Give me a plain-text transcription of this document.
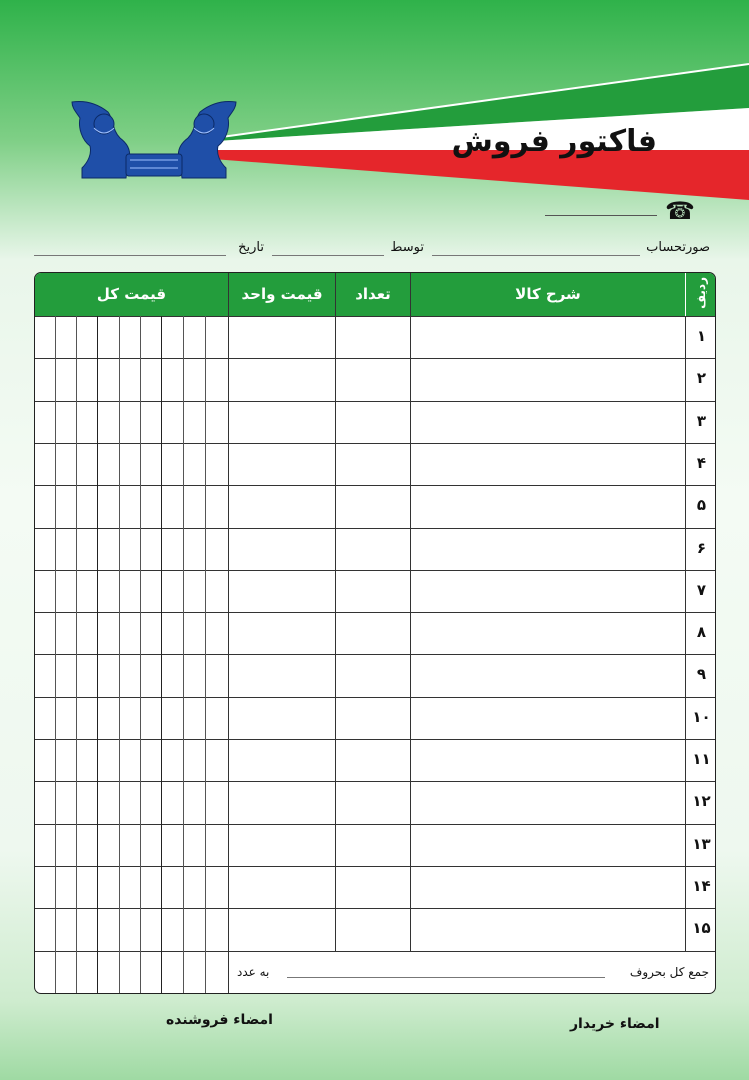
فاکتور فروش
☎
صورتحساب
توسط
تاریخ
ردیف
شرح کالا
تعداد
قیمت واحد
قیمت کل
۱
۲
۳
۴
۵
۶
۷
۸
۹
۱۰
۱۱
۱۲
۱۳
۱۴
۱۵
جمع کل بحروف
به عدد
امضاء فروشنده	امضاء خریدار
